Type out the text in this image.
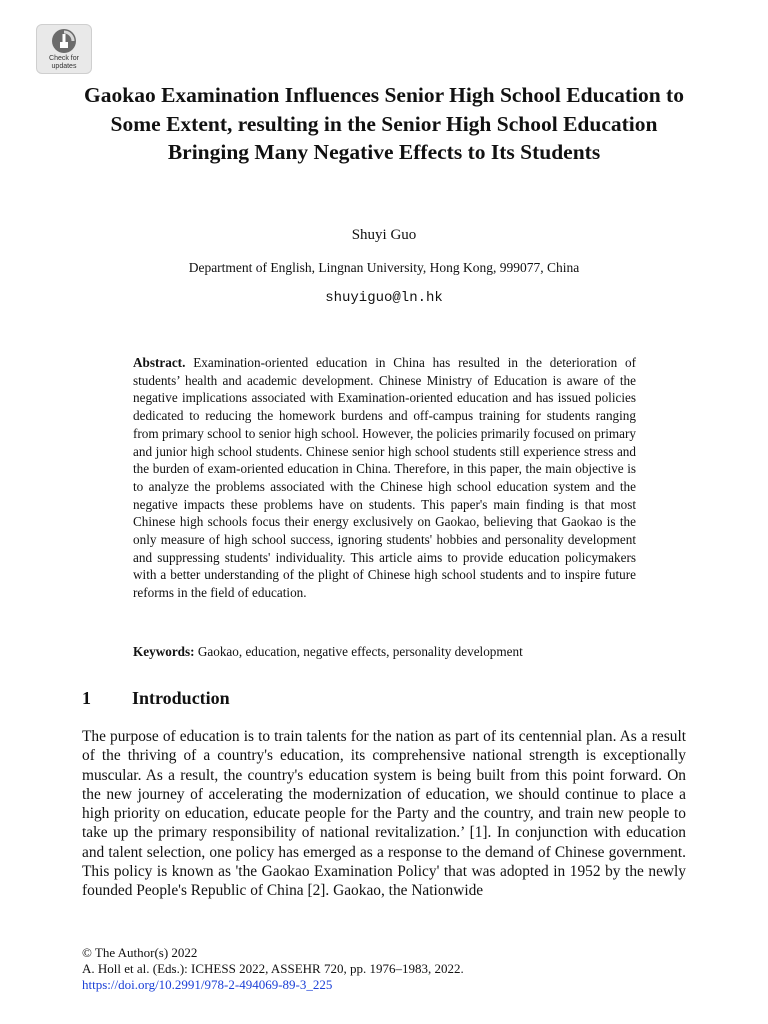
Check for
updates
Gaokao Examination Influences Senior High School Education to Some Extent, resulting in the Senior High School Education Bringing Many Negative Effects to Its Students

Shuyi Guo

Department of English, Lingnan University, Hong Kong, 999077, China

shuyiguo@ln.hk

Abstract. Examination-oriented education in China has resulted in the deterioration of students’ health and academic development. Chinese Ministry of Education is aware of the negative implications associated with Examination-oriented education and has issued policies dedicated to reducing the homework burdens and off-campus training for students ranging from primary school to senior high school. However, the policies primarily focused on primary and junior high school students. Chinese senior high school students still experience stress and the burden of exam-oriented education in China. Therefore, in this paper, the main objective is to analyze the problems associated with the Chinese high school education system and the negative impacts these problems have on students. This paper's main finding is that most Chinese high schools focus their energy exclusively on Gaokao, believing that Gaokao is the only measure of high school success, ignoring students' hobbies and personality development and suppressing students' individuality. This article aims to provide education policymakers with a better understanding of the plight of Chinese high school students and to inspire future reforms in the field of education.

Keywords: Gaokao, education, negative effects, personality development

1 Introduction

The purpose of education is to train talents for the nation as part of its centennial plan. As a result of the thriving of a country's education, its comprehensive national strength is exceptionally muscular. As a result, the country's education system is being built from this point forward. On the new journey of accelerating the modernization of education, we should continue to place a high priority on education, educate people for the Party and the country, and train new people to take up the primary responsibility of national revitalization.’ [1]. In conjunction with education and talent selection, one policy has emerged as a response to the demand of Chinese government. This policy is known as 'the Gaokao Examination Policy' that was adopted in 1952 by the newly founded People's Republic of China [2]. Gaokao, the Nationwide

© The Author(s) 2022
A. Holl et al. (Eds.): ICHESS 2022, ASSEHR 720, pp. 1976–1983, 2022.
https://doi.org/10.2991/978-2-494069-89-3_225
